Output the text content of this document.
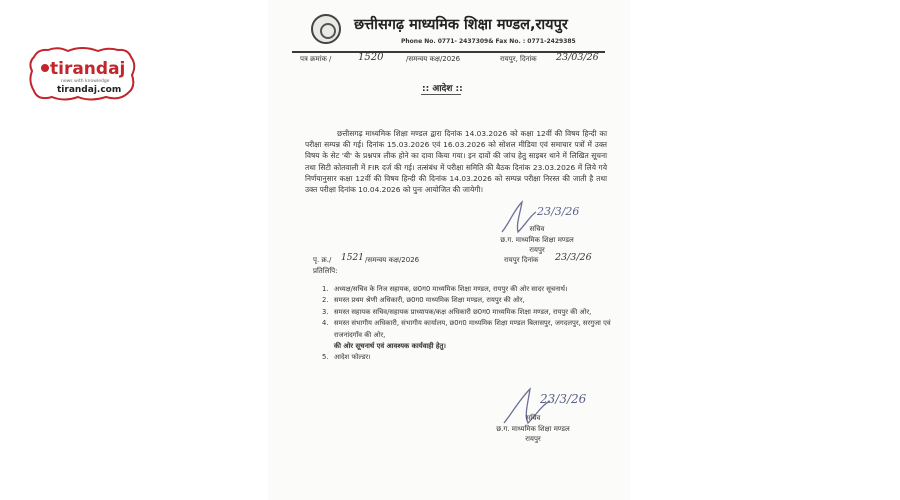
tirandaj
news with knowledge
tirandaj.com
छत्तीसगढ़ माध्यमिक शिक्षा मण्डल,रायपुर
Phone No. 0771- 2437309& Fax No. : 0771-2429385
पत्र क्रमांक /	1520	/समन्वय कक्ष/2026	रायपुर, दिनांक 23/03/26
:: आदेश ::

छत्तीसगढ़ माध्यमिक शिक्षा मण्डल द्वारा दिनांक 14.03.2026 को कक्षा 12वीं की विषय हिन्दी का परीक्षा सम्पन्न की गई। दिनांक 15.03.2026 एवं 16.03.2026 को सोशल मीडिया एवं समाचार पत्रों में उक्त विषय के सेट 'बी' के प्रश्नपत्र लीक होने का दावा किया गया। इन दावों की जांच हेतु साइबर थाने में लिखित सूचना तथा सिटी कोतवाली में FIR दर्ज की गई। तत्संबंध में परीक्षा समिति की बैठक दिनांक 23.03.2026 में लिये गये निर्णयानुसार कक्षा 12वीं की विषय हिन्दी की दिनांक 14.03.2026 को सम्पन्न परीक्षा निरस्त की जाती है तथा उक्त परीक्षा दिनांक 10.04.2026 को पुनः आयोजित की जायेगी।

23/3/26
सचिव
छ.ग. माध्यमिक शिक्षा मण्डल
रायपुर
पृ. क्र./ 1521 /समन्वय कक्ष/2026	रायपुर दिनांक 23/3/26
प्रतिलिपि:
1. अध्यक्ष/सचिव के निज सहायक, छ0ग0 माध्यमिक शिक्षा मण्डल, रायपुर की ओर सादर सूचनार्थ।
2. समस्त प्रथम श्रेणी अधिकारी, छ0ग0 माध्यमिक शिक्षा मण्डल, रायपुर की ओर,
3. समस्त सहायक सचिव/सहायक प्राध्यापक/कक्ष अधिकारी छ0ग0 माध्यमिक शिक्षा मण्डल, रायपुर की ओर,
4. समस्त संभागीय अधिकारी, संभागीय कार्यालय, छ0ग0 माध्यमिक शिक्षा मण्डल बिलासपुर, जगदलपुर, सरगुजा एवं राजनांदगाँव की ओर,
की ओर सूचनार्थ एवं आवश्यक कार्यवाही हेतु।
5. आदेश फोल्डर।
23/3/26
सचिव
छ.ग. माध्यमिक शिक्षा मण्डल
रायपुर
